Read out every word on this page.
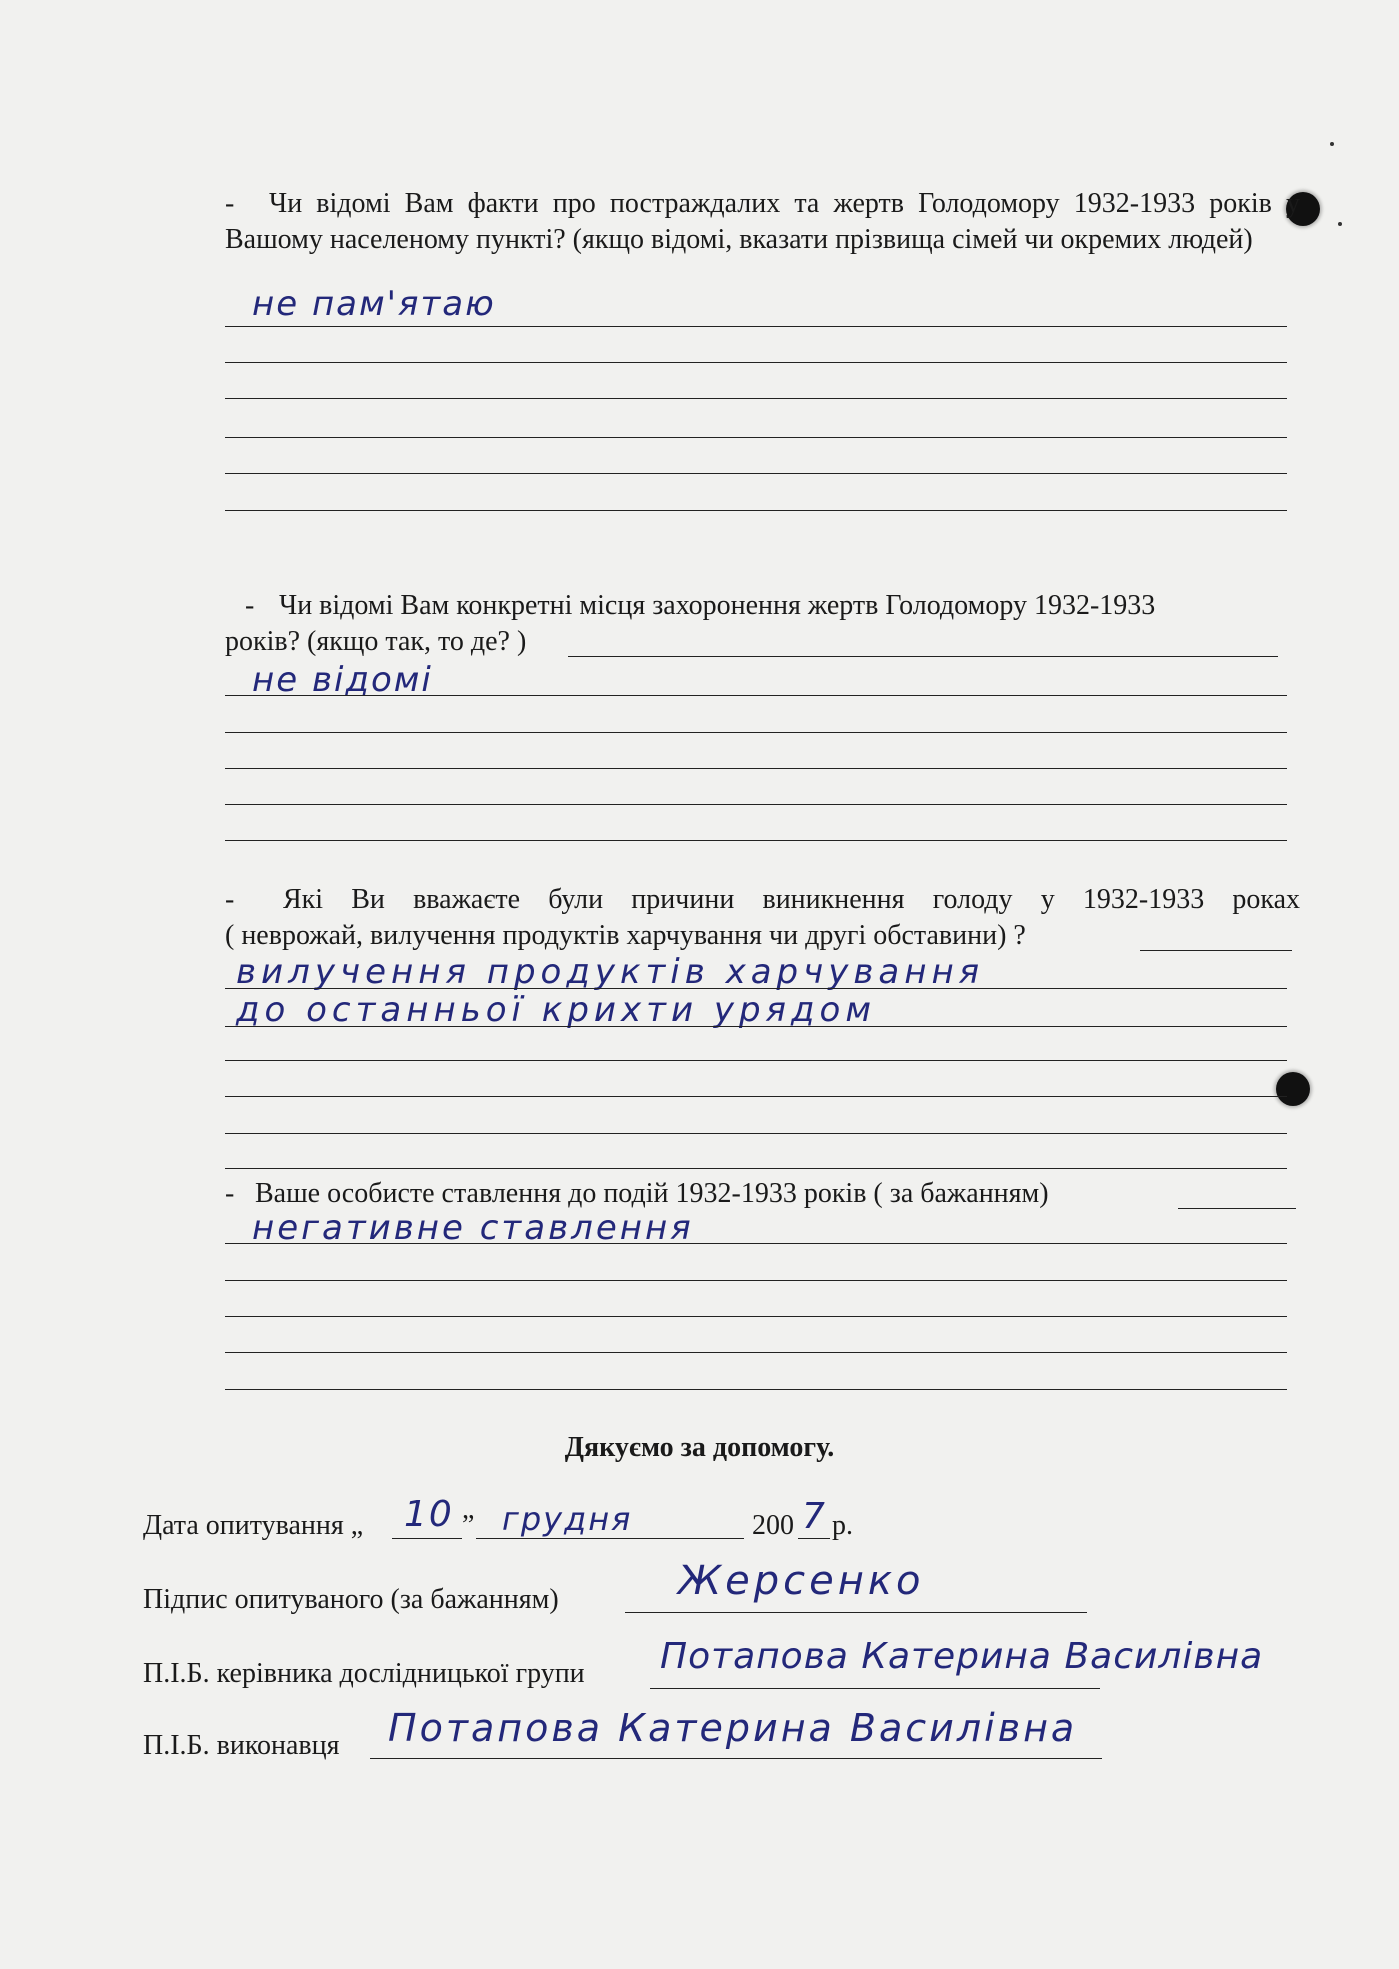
- Чи відомі Вам факти про постраждалих та жертв Голодомору 1932-1933 років у Вашому населеному пункті? (якщо відомі, вказати прізвища сімей чи окремих людей)
не пам'ятаю
- Чи відомі Вам конкретні місця захоронення жертв Голодомору 1932-1933
років? (якщо так, то де? )
не відомі
- Які Ви вважаєте були причини виникнення голоду у 1932-1933 роках
( неврожай, вилучення продуктів харчування чи другі обставини) ?
вилучення продуктів харчування
до останньої крихти урядом
- Ваше особисте ставлення до подій 1932-1933 років ( за бажанням)
негативне ставлення
Дякуємо за допомогу.
Дата опитування „ 10 ” грудня	200 7 р.
Підпис опитуваного (за бажанням)	Жерсенко
П.І.Б. керівника дослідницької групи Потапова Катерина Василівна
П.І.Б. виконавця Потапова Катерина Василівна
